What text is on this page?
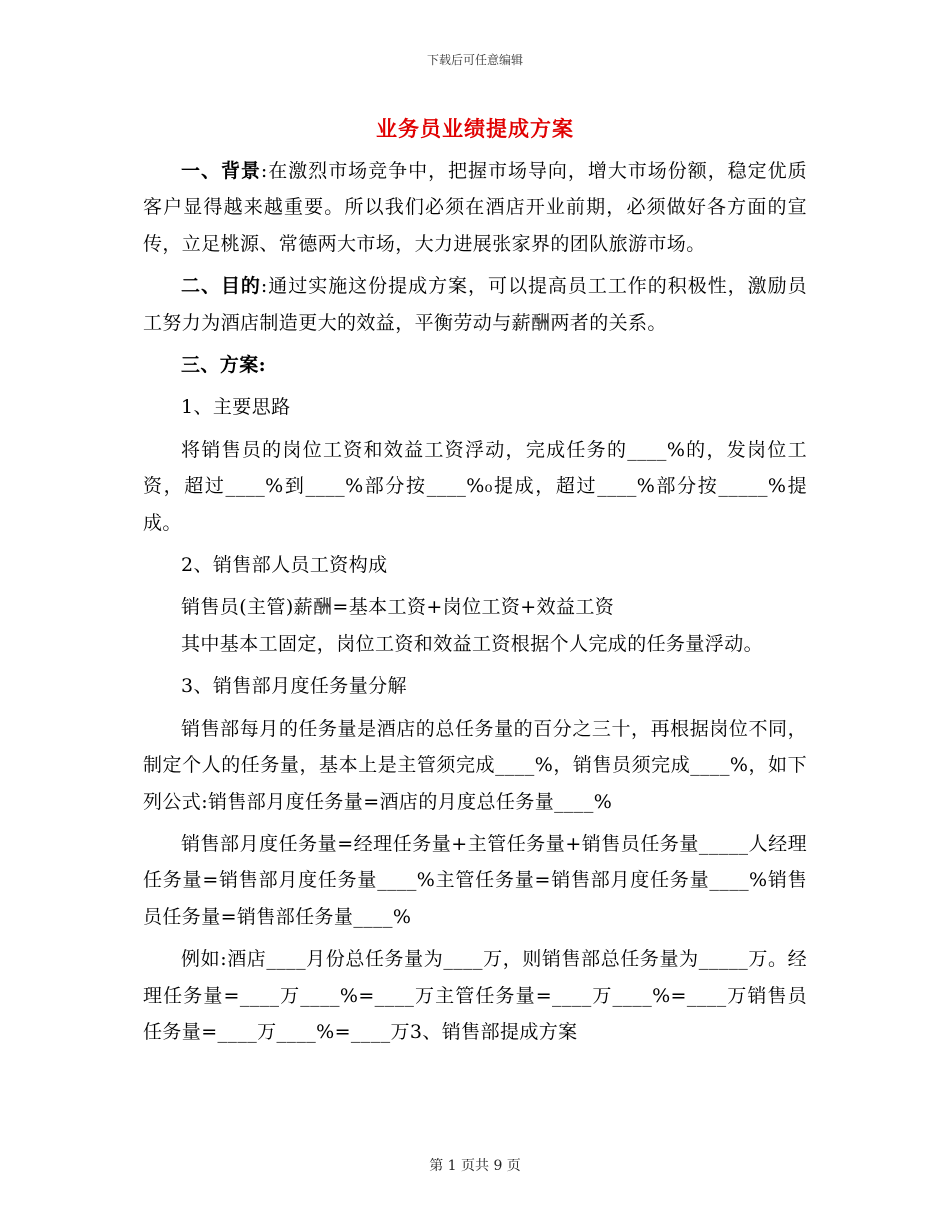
下载后可任意编辑
业务员业绩提成方案

一、背景:在激烈市场竞争中，把握市场导向，增大市场份额，稳定优质客户显得越来越重要。所以我们必须在酒店开业前期，必须做好各方面的宣传，立足桃源、常德两大市场，大力进展张家界的团队旅游市场。

二、目的:通过实施这份提成方案，可以提高员工工作的积极性，激励员工努力为酒店制造更大的效益，平衡劳动与薪酬两者的关系。

三、方案:

1、主要思路

将销售员的岗位工资和效益工资浮动，完成任务的____%的，发岗位工资，超过____%到____%部分按____%₀提成，超过____%部分按_____%提成。

2、销售部人员工资构成

销售员(主管)薪酬=基本工资+岗位工资+效益工资

其中基本工固定，岗位工资和效益工资根据个人完成的任务量浮动。

3、销售部月度任务量分解

销售部每月的任务量是酒店的总任务量的百分之三十，再根据岗位不同，制定个人的任务量，基本上是主管须完成____%，销售员须完成____%，如下列公式:销售部月度任务量=酒店的月度总任务量____%

销售部月度任务量=经理任务量+主管任务量+销售员任务量_____人经理任务量=销售部月度任务量____%主管任务量=销售部月度任务量____%销售员任务量=销售部任务量____%

例如:酒店____月份总任务量为____万，则销售部总任务量为_____万。经理任务量=____万____%=____万主管任务量=____万____%=____万销售员任务量=____万____%=____万3、销售部提成方案

第 1 页共 9 页
